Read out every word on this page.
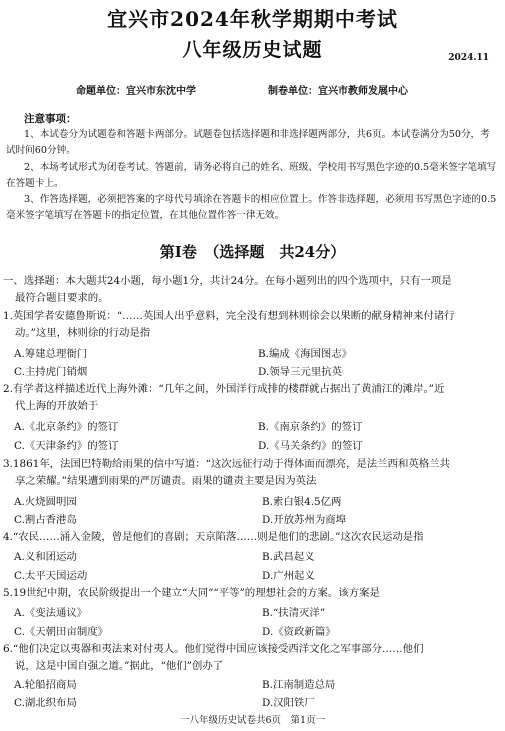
宜兴市2024年秋学期期中考试
八年级历史试题	2024.11
命题单位：宜兴市东沈中学	制卷单位：宜兴市教师发展中心
注意事项：
1、本试卷分为试题卷和答题卡两部分。试题卷包括选择题和非选择题两部分，共6页。本试卷满分为50分，考试时间60分钟。
2、本场考试形式为闭卷考试。答题前，请务必将自己的姓名、班级、学校用书写黑色字迹的0.5毫米签字笔填写在答题卡上。
3、作答选择题，必须把答案的字母代号填涂在答题卡的相应位置上。作答非选择题，必须用书写黑色字迹的0.5毫米签字笔填写在答题卡的指定位置，在其他位置作答一律无效。
第Ⅰ卷　（选择题　共24分）
一、选择题：本大题共24小题，每小题1分，共计24分。在每小题列出的四个选项中，只有一项是
最符合题目要求的。
1.英国学者安德鲁斯说：“……英国人出乎意料，完全没有想到林则徐会以果断的献身精神来付诸行
动。”这里，林则徐的行动是指
A.筹建总理衙门	B.编成《海国图志》
C.主持虎门销烟	D.领导三元里抗英
2.有学者这样描述近代上海外滩：“几年之间，外国洋行成排的楼群就占据出了黄浦江的滩岸。”近
代上海的开放始于
A.《北京条约》的签订	B.《南京条约》的签订
C.《天津条约》的签订	D.《马关条约》的签订
3.1861年，法国巴特勒给雨果的信中写道：“这次远征行动于得体面而漂亮，是法兰西和英格兰共
享之荣耀。”结果遭到雨果的严厉谴责。雨果的谴责主要是因为英法
A.火烧圆明园	B.索白银4.5亿两
C.割占香港岛	D.开放苏州为商埠
4.“农民……涌入金陵，曾是他们的喜剧；天京陷落……则是他们的悲剧。”这次农民运动是指
A.义和团运动	B.武昌起义
C.太平天国运动	D.广州起义
5.19世纪中期，农民阶级提出一个建立“大同”“平等”的理想社会的方案。该方案是
A.《变法通议》	B.“扶清灭洋”
C.《天朝田亩制度》	D.《资政新篇》
6.“他们决定以夷器和夷法来对付夷人。他们觉得中国应该接受西洋文化之军事部分……他们
说，这是中国自强之道。”据此，“他们”创办了
A.轮船招商局	B.江南制造总局
C.湖北织布局	D.汉阳铁厂
一八年级历史试卷共6页　第1页一
